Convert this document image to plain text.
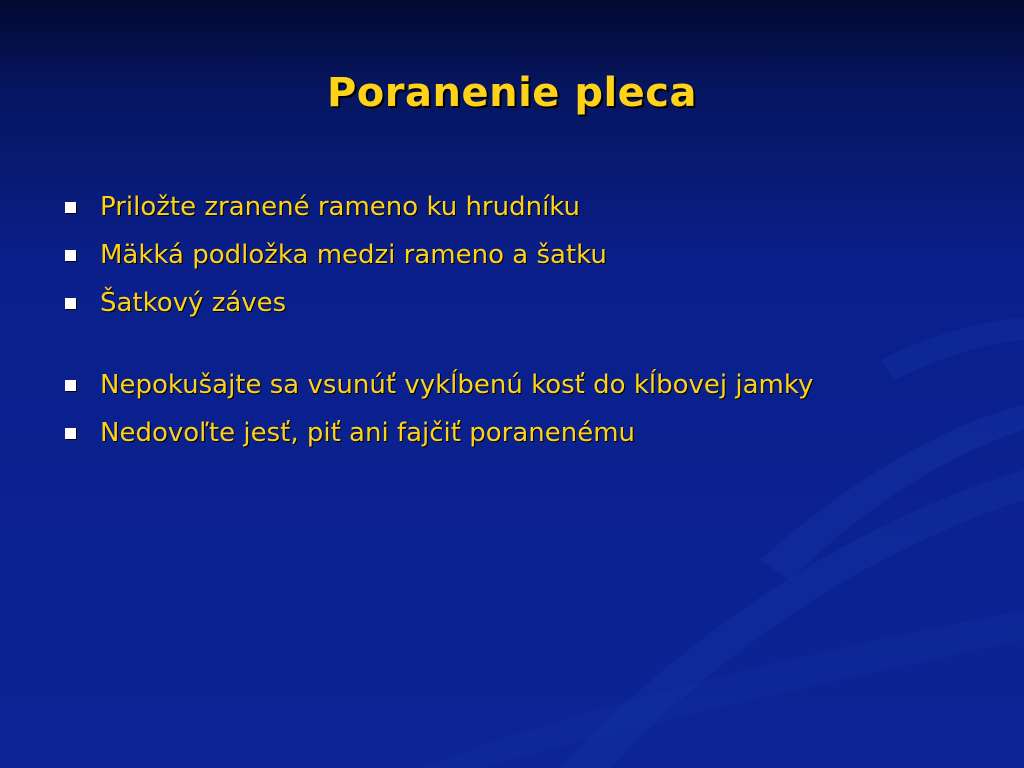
Poranenie pleca
Priložte zranené rameno ku hrudníku
Mäkká podložka medzi rameno a šatku
Šatkový záves
Nepokušajte sa vsunúť vykĺbenú kosť do kĺbovej jamky
Nedovoľte jesť, piť ani fajčiť poranenému
